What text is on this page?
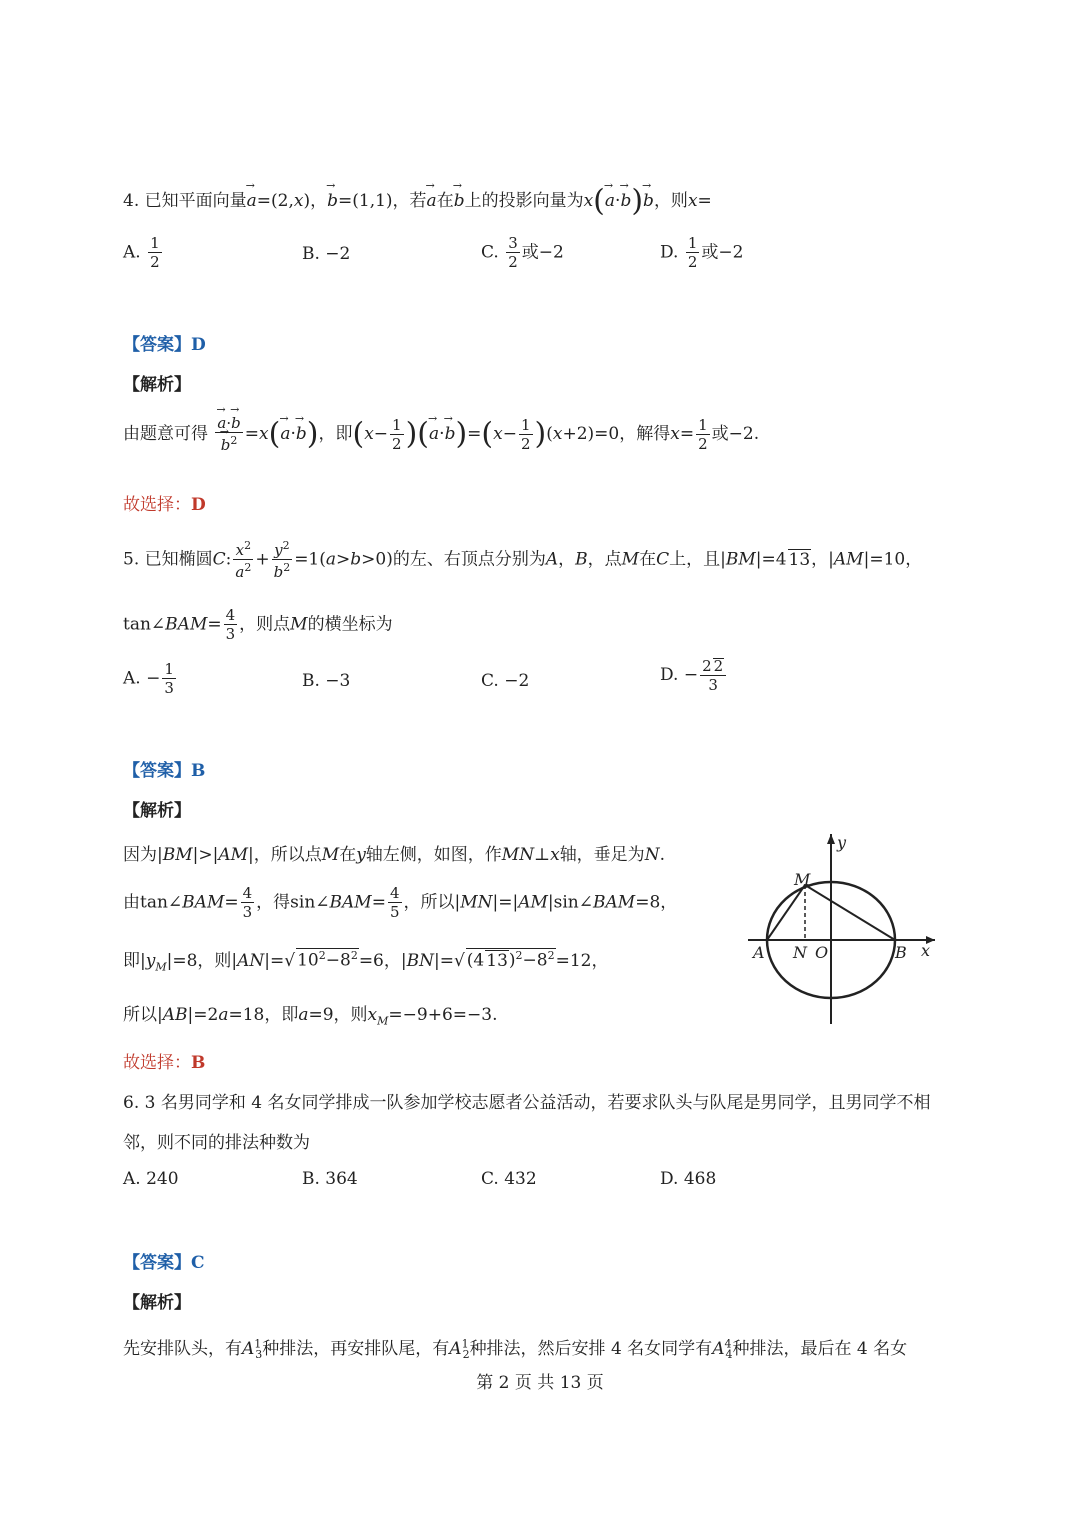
4. 已知平面向量→ a=(2,x)，→ b=(1,1)，若→ a在→ b上的投影向量为x(→ a·→ b)→ b，则x=
A. $\frac{1}{2}$	B. −2	C. $\frac{3}{2}$ 或−2	D. $\frac{1}{2}$ 或−2
【答案】D
【解析】
由题意可得
→ a·→ b
→ $b^2 =x(\to a\cdot\to b)$，即($x- \frac{1}{2}$ )(→ $a\cdot\to b)=(x- \frac{1}{2} )(x+2)=0$，解得$x= \frac{1}{2}$ 或−2.
故选择：D
5. 已知椭圆C: $\frac{x^2}{a^2} + \frac{y^2}{b^2} =1(a>b>0)$的左、右顶点分别为A，B，点M在C上，且|BM|=4 13，|AM|=10，
tan∠BAM= $\frac{4}{3}$ ，则点M的横坐标为
A. − $\frac{1}{3}$	B. −3	C. −2	D. − $\frac{2 2}{3}$
【答案】B
【解析】
因为|BM|>|AM|，所以点M在y轴左侧，如图，作MN⊥x轴，垂足为N.
由tan∠BAM= $\frac{4}{3}$ ，得sin∠BAM= $\frac{4}{5}$ ，所以|MN|=|AM|sin∠BAM=8，
即$|y_M|=8$，则|AN|=√ $10^2-8^2=6$，|BN|=√ (4 $13)^2-8^2=12$，
所以|AB|=2a=18，即a=9，则$x_M=-9+6=-3$.
故选择：B
y
x
M
A N O	B
6. 3 名男同学和 4 名女同学排成一队参加学校志愿者公益活动，若要求队头与队尾是男同学，且男同学不相
邻，则不同的排法种数为
A. 240	B. 364	C. 432	D. 468
【答案】C
【解析】
先安排队头，有$A^1_3$种排法，再安排队尾，有$A^1_2$种排法，然后安排 4 名女同学有$A^4_4$种排法，最后在 4 名女
第 2 页 共 13 页
